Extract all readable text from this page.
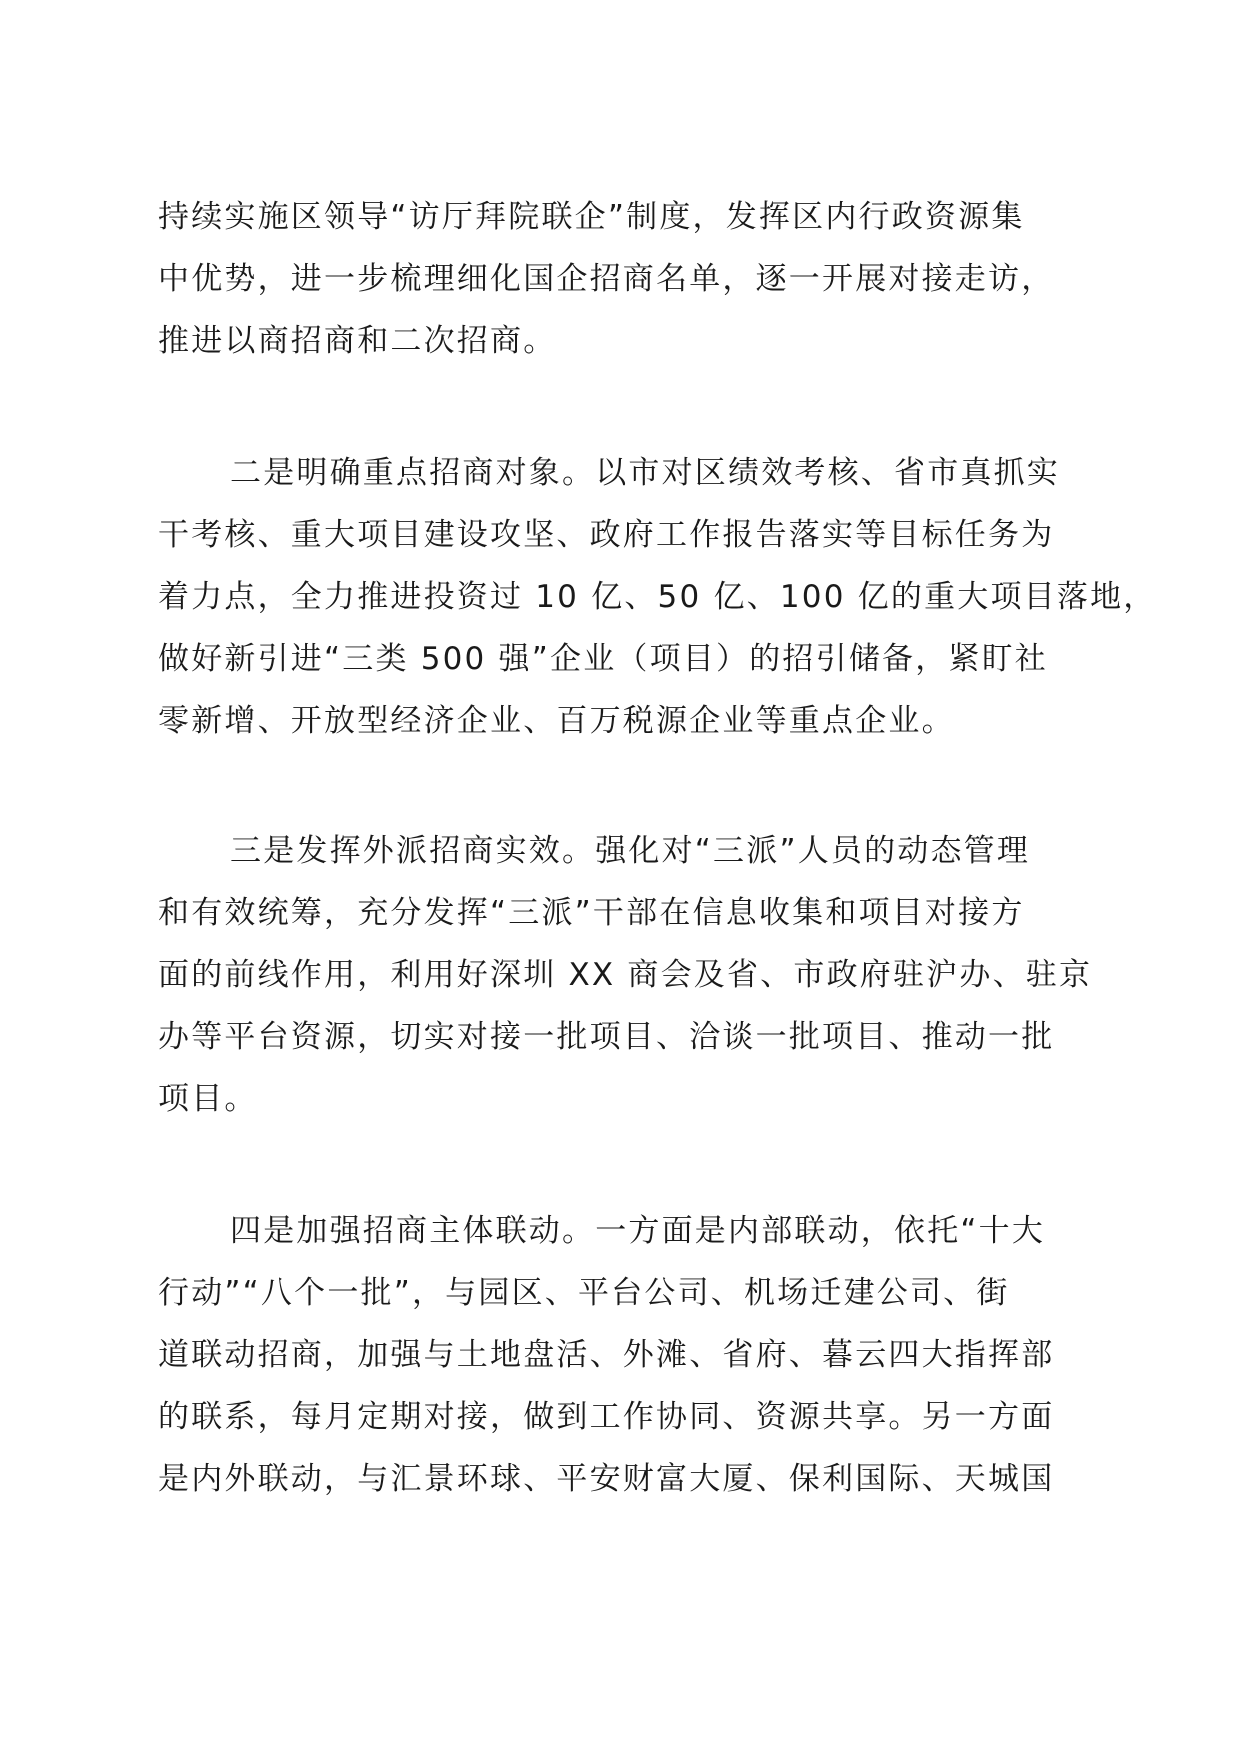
持续实施区领导“访厅拜院联企”制度，发挥区内行政资源集
中优势，进一步梳理细化国企招商名单，逐一开展对接走访，
推进以商招商和二次招商。
二是明确重点招商对象。以市对区绩效考核、省市真抓实
干考核、重大项目建设攻坚、政府工作报告落实等目标任务为
着力点，全力推进投资过 10 亿、50 亿、100 亿的重大项目落地，
做好新引进“三类 500 强”企业（项目）的招引储备，紧盯社
零新增、开放型经济企业、百万税源企业等重点企业。
三是发挥外派招商实效。强化对“三派”人员的动态管理
和有效统筹，充分发挥“三派”干部在信息收集和项目对接方
面的前线作用，利用好深圳 XX 商会及省、市政府驻沪办、驻京
办等平台资源，切实对接一批项目、洽谈一批项目、推动一批
项目。
四是加强招商主体联动。一方面是内部联动，依托“十大
行动”“八个一批”，与园区、平台公司、机场迁建公司、街
道联动招商，加强与土地盘活、外滩、省府、暮云四大指挥部
的联系，每月定期对接，做到工作协同、资源共享。另一方面
是内外联动，与汇景环球、平安财富大厦、保利国际、天城国
